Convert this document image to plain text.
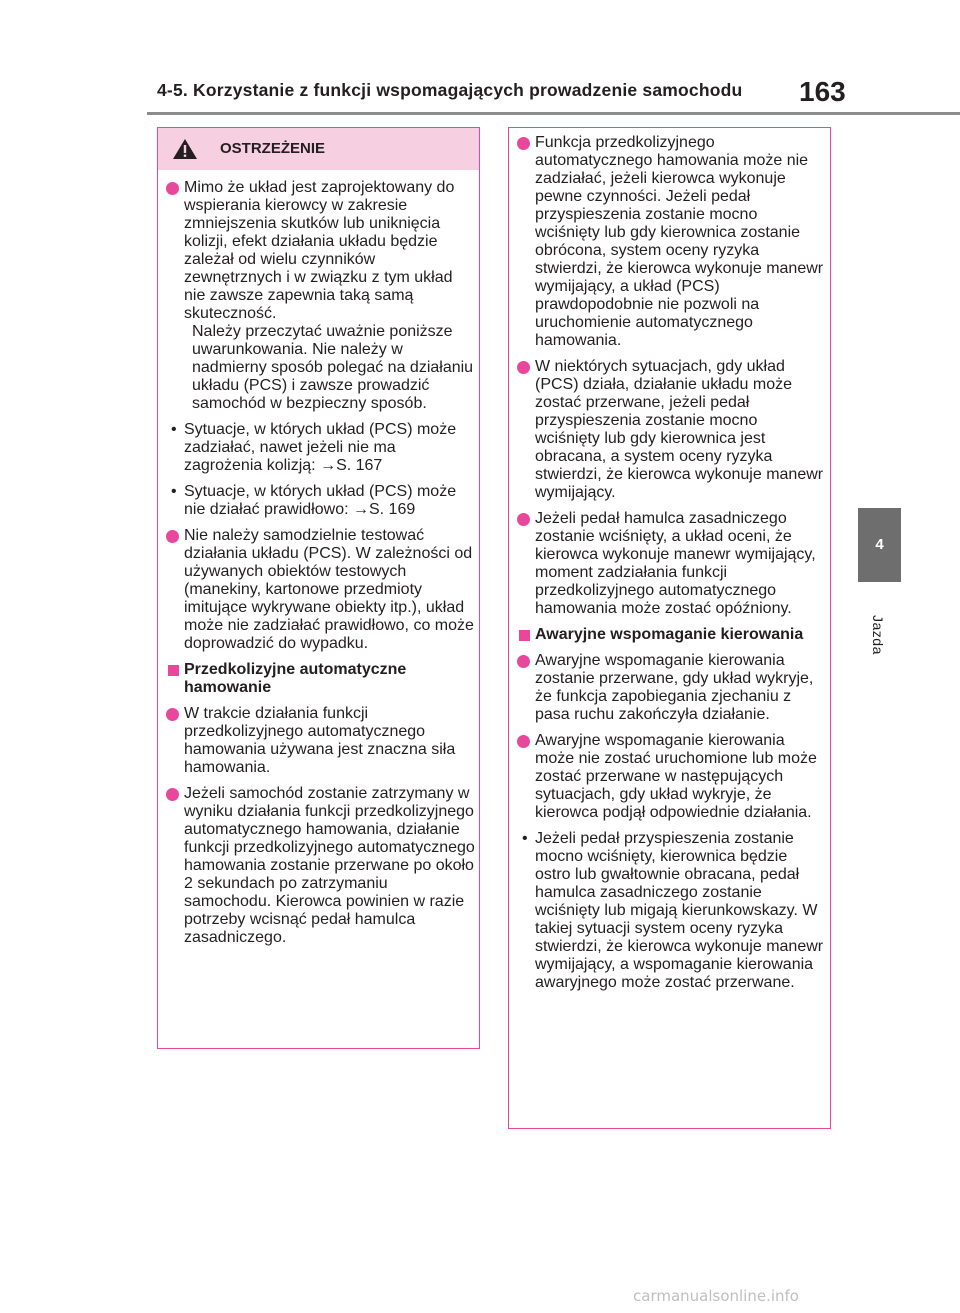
4-5. Korzystanie z funkcji wspomagających prowadzenie samochodu 163
4
Jazda
OSTRZEŻENIE

Mimo że układ jest zaprojektowany do wspierania kierowcy w zakresie zmniejszenia skutków lub uniknięcia kolizji, efekt działania układu będzie zależał od wielu czynników zewnętrznych i w związku z tym układ nie zawsze zapewnia taką samą skuteczność.

Należy przeczytać uważnie poniższe uwarunkowania. Nie należy w nadmierny sposób polegać na działaniu układu (PCS) i zawsze prowadzić samochód w bezpieczny sposób.

• Sytuacje, w których układ (PCS) może zadziałać, nawet jeżeli nie ma zagrożenia kolizją: →S. 167

• Sytuacje, w których układ (PCS) może nie działać prawidłowo: →S. 169

Nie należy samodzielnie testować działania układu (PCS). W zależności od używanych obiektów testowych (manekiny, kartonowe przedmioty imitujące wykrywane obiekty itp.), układ może nie zadziałać prawidłowo, co może doprowadzić do wypadku.

Przedkolizyjne automatyczne hamowanie

W trakcie działania funkcji przedkolizyjnego automatycznego hamowania używana jest znaczna siła hamowania.

Jeżeli samochód zostanie zatrzymany w wyniku działania funkcji przedkolizyjnego automatycznego hamowania, działanie funkcji przedkolizyjnego automatycznego hamowania zostanie przerwane po około 2 sekundach po zatrzymaniu samochodu. Kierowca powinien w razie potrzeby wcisnąć pedał hamulca zasadniczego.

Funkcja przedkolizyjnego automatycznego hamowania może nie zadziałać, jeżeli kierowca wykonuje pewne czynności. Jeżeli pedał przyspieszenia zostanie mocno wciśnięty lub gdy kierownica zostanie obrócona, system oceny ryzyka stwierdzi, że kierowca wykonuje manewr wymijający, a układ (PCS) prawdopodobnie nie pozwoli na uruchomienie automatycznego hamowania.

W niektórych sytuacjach, gdy układ (PCS) działa, działanie układu może zostać przerwane, jeżeli pedał przyspieszenia zostanie mocno wciśnięty lub gdy kierownica jest obracana, a system oceny ryzyka stwierdzi, że kierowca wykonuje manewr wymijający.

Jeżeli pedał hamulca zasadniczego zostanie wciśnięty, a układ oceni, że kierowca wykonuje manewr wymijający, moment zadziałania funkcji przedkolizyjnego automatycznego hamowania może zostać opóźniony.

Awaryjne wspomaganie kierowania

Awaryjne wspomaganie kierowania zostanie przerwane, gdy układ wykryje, że funkcja zapobiegania zjechaniu z pasa ruchu zakończyła działanie.

Awaryjne wspomaganie kierowania może nie zostać uruchomione lub może zostać przerwane w następujących sytuacjach, gdy układ wykryje, że kierowca podjął odpowiednie działania.

• Jeżeli pedał przyspieszenia zostanie mocno wciśnięty, kierownica będzie ostro lub gwałtownie obracana, pedał hamulca zasadniczego zostanie wciśnięty lub migają kierunkowskazy. W takiej sytuacji system oceny ryzyka stwierdzi, że kierowca wykonuje manewr wymijający, a wspomaganie kierowania awaryjnego może zostać przerwane.

carmanualsonline.info
